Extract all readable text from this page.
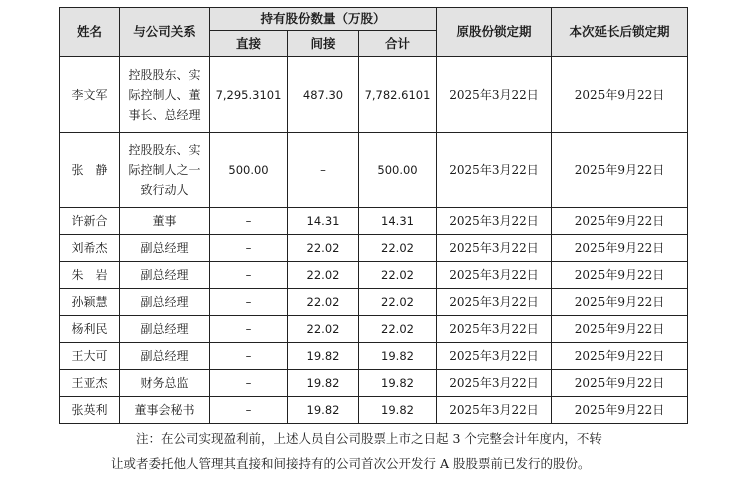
姓名	与公司关系	持有股份数量（万股）			原股份锁定期	本次延长后锁定期
		直接	间接	合计		
李文军	控股股东、实际控制人、董事长、总经理	7,295.3101	487.30	7,782.6101	2025年3月22日	2025年9月22日
张　静	控股股东、实际控制人之一致行动人	500.00	–	500.00	2025年3月22日	2025年9月22日
许新合	董事	–	14.31	14.31	2025年3月22日	2025年9月22日
刘希杰	副总经理	–	22.02	22.02	2025年3月22日	2025年9月22日
朱　岩	副总经理	–	22.02	22.02	2025年3月22日	2025年9月22日
孙颖慧	副总经理	–	22.02	22.02	2025年3月22日	2025年9月22日
杨利民	副总经理	–	22.02	22.02	2025年3月22日	2025年9月22日
王大可	副总经理	–	19.82	19.82	2025年3月22日	2025年9月22日
王亚杰	财务总监	–	19.82	19.82	2025年3月22日	2025年9月22日
张英利	董事会秘书	–	19.82	19.82	2025年3月22日	2025年9月22日
注：在公司实现盈利前，上述人员自公司股票上市之日起 3 个完整会计年度内，不转
让或者委托他人管理其直接和间接持有的公司首次公开发行 A 股股票前已发行的股份。
